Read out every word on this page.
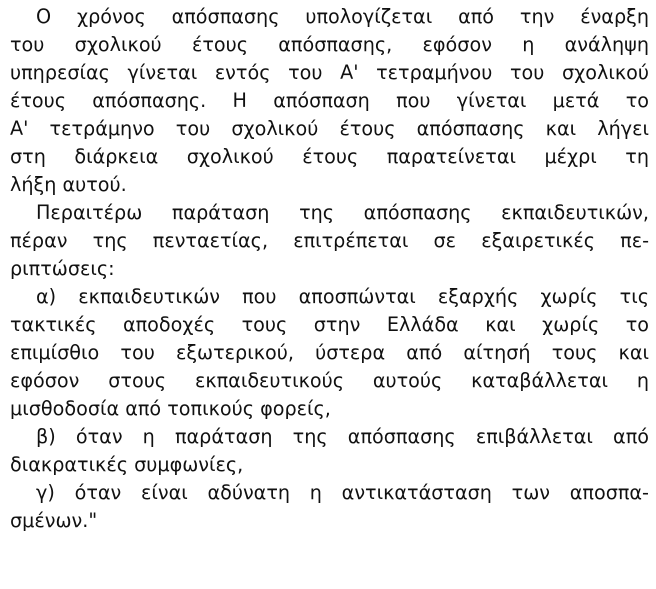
Ο χρόνος απόσπασης υπολογίζεται από την έναρξη
του σχολικού έτους απόσπασης, εφόσον η ανάληψη
υπηρεσίας γίνεται εντός του Α' τετραμήνου του σχολικού
έτους απόσπασης. Η απόσπαση που γίνεται μετά το
Α' τετράμηνο του σχολικού έτους απόσπασης και λήγει
στη διάρκεια σχολικού έτους παρατείνεται μέχρι τη
λήξη αυτού.
Περαιτέρω παράταση της απόσπασης εκπαιδευτικών,
πέραν της πενταετίας, επιτρέπεται σε εξαιρετικές πε-
ριπτώσεις:
α) εκπαιδευτικών που αποσπώνται εξαρχής χωρίς τις
τακτικές αποδοχές τους στην Ελλάδα και χωρίς το
επιμίσθιο του εξωτερικού, ύστερα από αίτησή τους και
εφόσον στους εκπαιδευτικούς αυτούς καταβάλλεται η
μισθοδοσία από τοπικούς φορείς,
β) όταν η παράταση της απόσπασης επιβάλλεται από
διακρατικές συμφωνίες,
γ) όταν είναι αδύνατη η αντικατάσταση των αποσπα-
σμένων."
